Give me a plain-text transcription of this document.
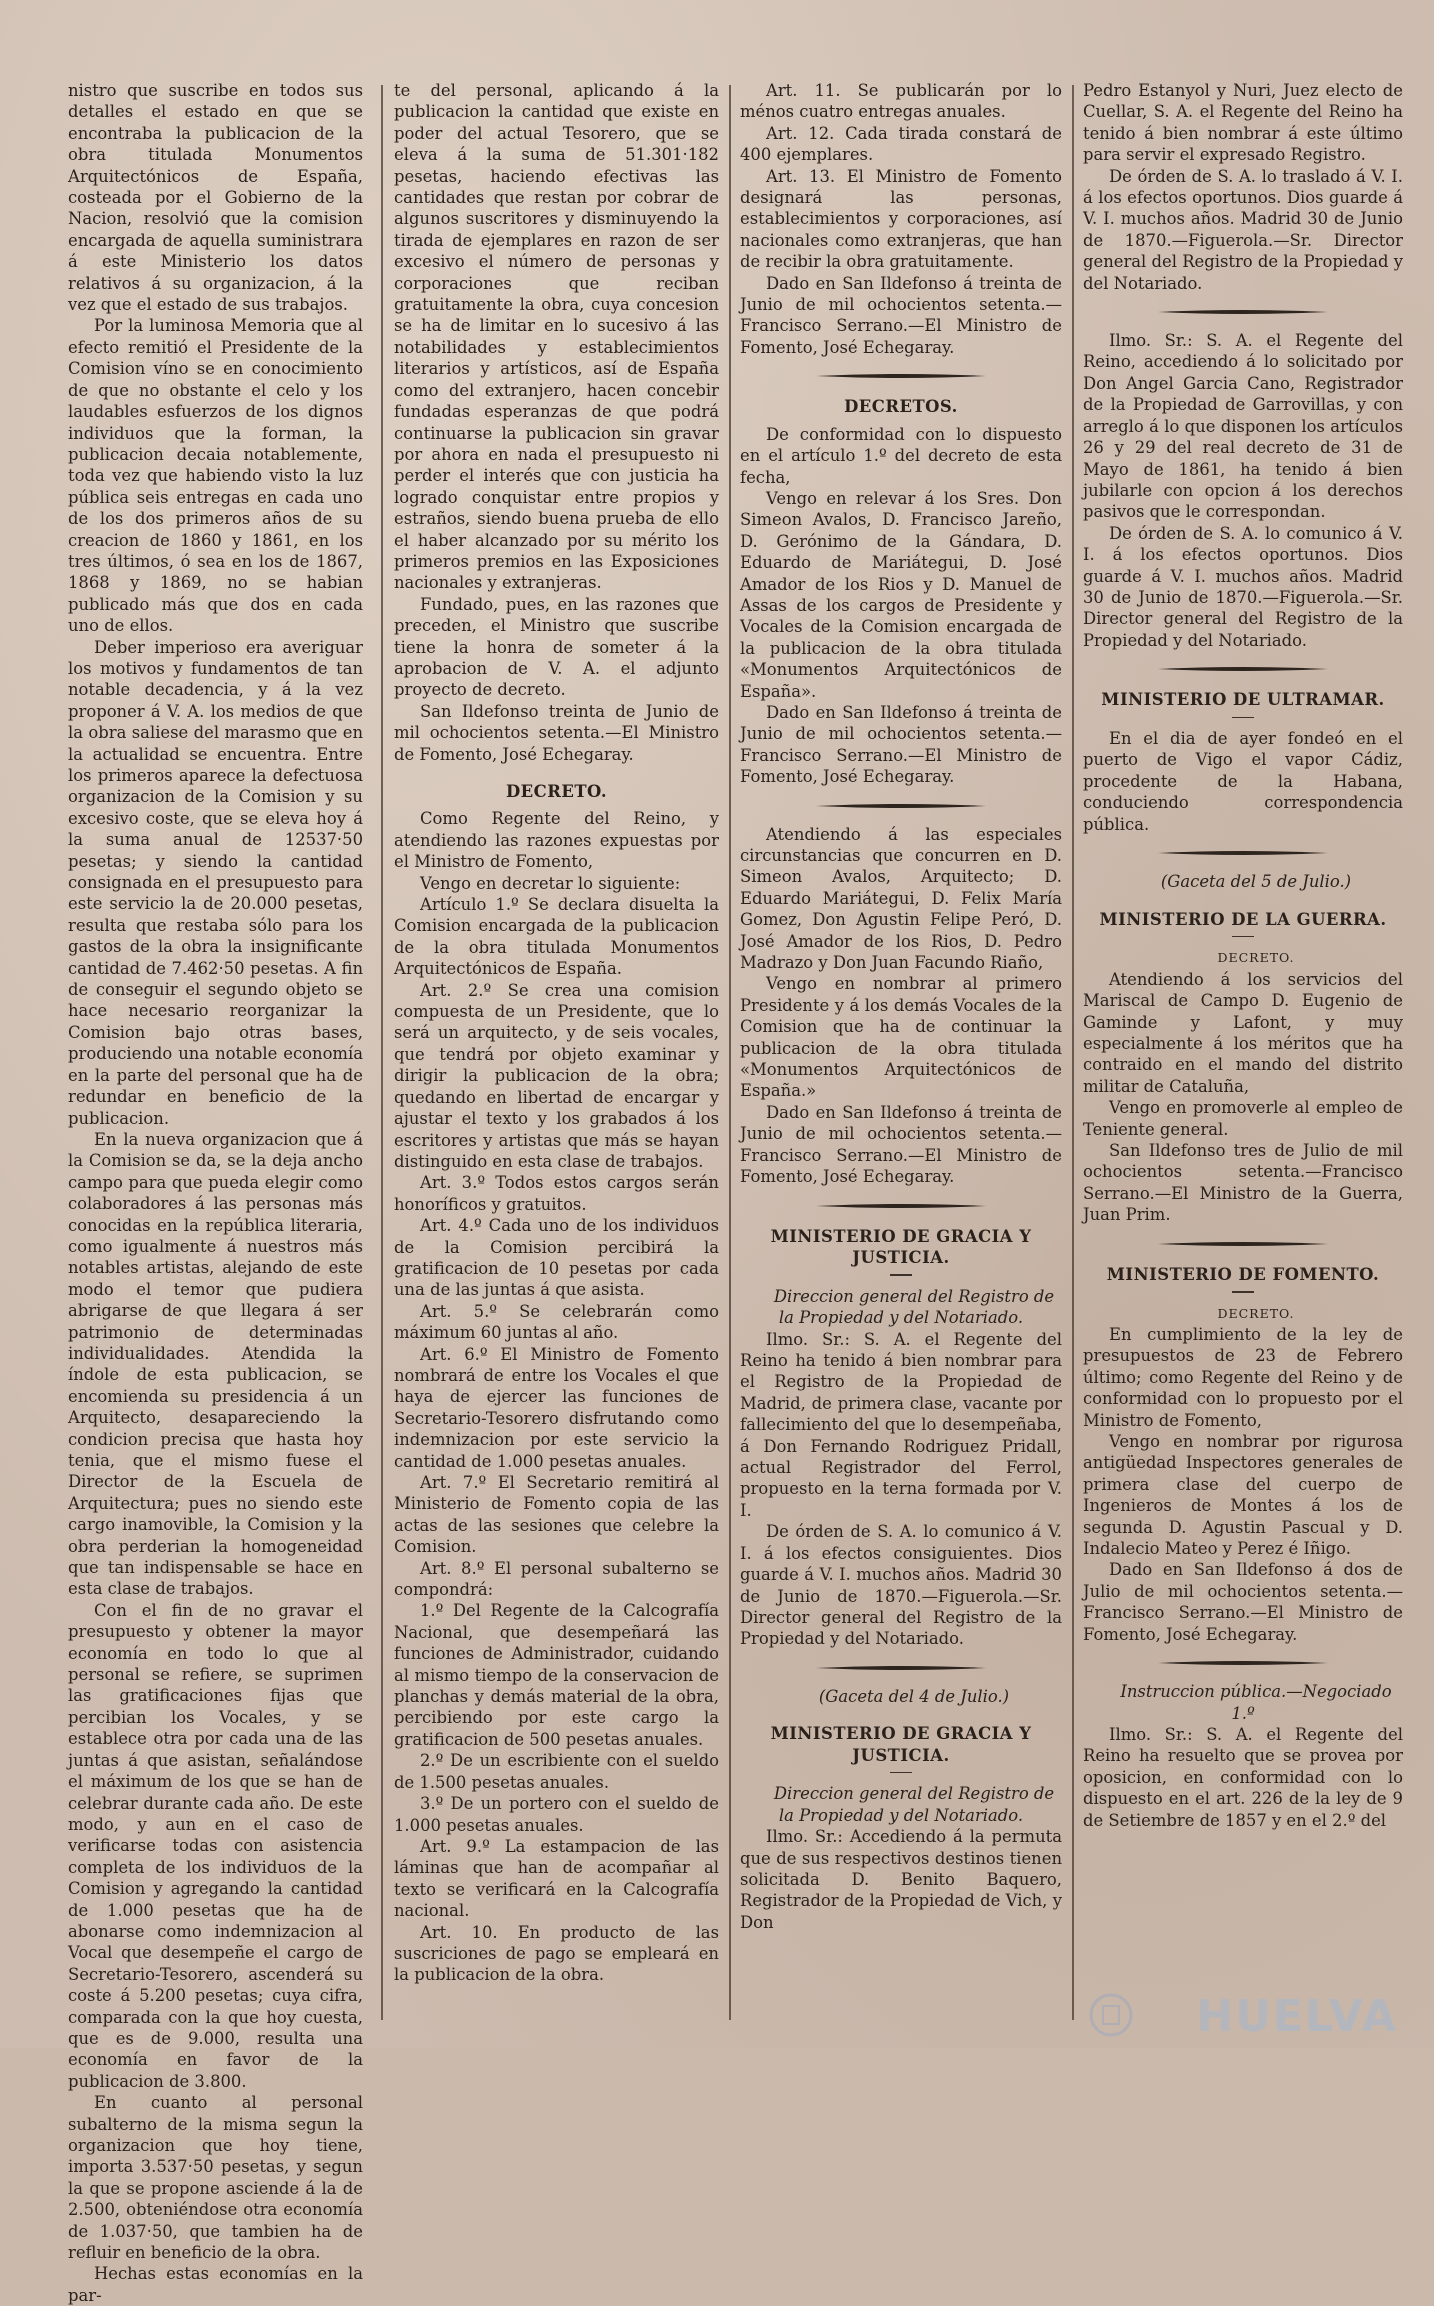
nistro que suscribe en todos sus detalles el estado en que se encontraba la publicacion de la obra titulada Monumentos Arquitectónicos de España, costeada por el Gobierno de la Nacion, resolvió que la comision encargada de aquella suministrara á este Ministerio los datos relativos á su organizacion, á la vez que el estado de sus trabajos.

Por la luminosa Memoria que al efecto remitió el Presidente de la Comision víno se en conocimiento de que no obstante el celo y los laudables esfuerzos de los dignos individuos que la forman, la publicacion decaia notablemente, toda vez que habiendo visto la luz pública seis entregas en cada uno de los dos primeros años de su creacion de 1860 y 1861, en los tres últimos, ó sea en los de 1867, 1868 y 1869, no se habian publicado más que dos en cada uno de ellos.

Deber imperioso era averiguar los motivos y fundamentos de tan notable decadencia, y á la vez proponer á V. A. los medios de que la obra saliese del marasmo que en la actualidad se encuentra. Entre los primeros aparece la defectuosa organizacion de la Comision y su excesivo coste, que se eleva hoy á la suma anual de 12537·50 pesetas; y siendo la cantidad consignada en el presupuesto para este servicio la de 20.000 pesetas, resulta que restaba sólo para los gastos de la obra la insignificante cantidad de 7.462·50 pesetas. A fin de conseguir el segundo objeto se hace necesario reorganizar la Comision bajo otras bases, produciendo una notable economía en la parte del personal que ha de redundar en beneficio de la publicacion.

En la nueva organizacion que á la Comision se da, se la deja ancho campo para que pueda elegir como colaboradores á las personas más conocidas en la república literaria, como igualmente á nuestros más notables artistas, alejando de este modo el temor que pudiera abrigarse de que llegara á ser patrimonio de determinadas individualidades. Atendida la índole de esta publicacion, se encomienda su presidencia á un Arquitecto, desapareciendo la condicion precisa que hasta hoy tenia, que el mismo fuese el Director de la Escuela de Arquitectura; pues no siendo este cargo inamovible, la Comision y la obra perderian la homogeneidad que tan indispensable se hace en esta clase de trabajos.

Con el fin de no gravar el presupuesto y obtener la mayor economía en todo lo que al personal se refiere, se suprimen las gratificaciones fijas que percibian los Vocales, y se establece otra por cada una de las juntas á que asistan, señalándose el máximum de los que se han de celebrar durante cada año. De este modo, y aun en el caso de verificarse todas con asistencia completa de los individuos de la Comision y agregando la cantidad de 1.000 pesetas que ha de abonarse como indemnizacion al Vocal que desempeñe el cargo de Secretario-Tesorero, ascenderá su coste á 5.200 pesetas; cuya cifra, comparada con la que hoy cuesta, que es de 9.000, resulta una economía en favor de la publicacion de 3.800.

En cuanto al personal subalterno de la misma segun la organizacion que hoy tiene, importa 3.537·50 pesetas, y segun la que se propone asciende á la de 2.500, obteniéndose otra economía de 1.037·50, que tambien ha de refluir en beneficio de la obra.

Hechas estas economías en la par-

te del personal, aplicando á la publicacion la cantidad que existe en poder del actual Tesorero, que se eleva á la suma de 51.301·182 pesetas, haciendo efectivas las cantidades que restan por cobrar de algunos suscritores y disminuyendo la tirada de ejemplares en razon de ser excesivo el número de personas y corporaciones que reciban gratuitamente la obra, cuya concesion se ha de limitar en lo sucesivo á las notabilidades y establecimientos literarios y artísticos, así de España como del extranjero, hacen concebir fundadas esperanzas de que podrá continuarse la publicacion sin gravar por ahora en nada el presupuesto ni perder el interés que con justicia ha logrado conquistar entre propios y estraños, siendo buena prueba de ello el haber alcanzado por su mérito los primeros premios en las Exposiciones nacionales y extranjeras.

Fundado, pues, en las razones que preceden, el Ministro que suscribe tiene la honra de someter á la aprobacion de V. A. el adjunto proyecto de decreto.

San Ildefonso treinta de Junio de mil ochocientos setenta.—El Ministro de Fomento, José Echegaray.

DECRETO.

Como Regente del Reino, y atendiendo las razones expuestas por el Ministro de Fomento,

Vengo en decretar lo siguiente:

Artículo 1.º Se declara disuelta la Comision encargada de la publicacion de la obra titulada Monumentos Arquitectónicos de España.

Art. 2.º Se crea una comision compuesta de un Presidente, que lo será un arquitecto, y de seis vocales, que tendrá por objeto examinar y dirigir la publicacion de la obra; quedando en libertad de encargar y ajustar el texto y los grabados á los escritores y artistas que más se hayan distinguido en esta clase de trabajos.

Art. 3.º Todos estos cargos serán honoríficos y gratuitos.

Art. 4.º Cada uno de los individuos de la Comision percibirá la gratificacion de 10 pesetas por cada una de las juntas á que asista.

Art. 5.º Se celebrarán como máximum 60 juntas al año.

Art. 6.º El Ministro de Fomento nombrará de entre los Vocales el que haya de ejercer las funciones de Secretario-Tesorero disfrutando como indemnizacion por este servicio la cantidad de 1.000 pesetas anuales.

Art. 7.º El Secretario remitirá al Ministerio de Fomento copia de las actas de las sesiones que celebre la Comision.

Art. 8.º El personal subalterno se compondrá:

1.º Del Regente de la Calcografía Nacional, que desempeñará las funciones de Administrador, cuidando al mismo tiempo de la conservacion de planchas y demás material de la obra, percibiendo por este cargo la gratificacion de 500 pesetas anuales.

2.º De un escribiente con el sueldo de 1.500 pesetas anuales.

3.º De un portero con el sueldo de 1.000 pesetas anuales.

Art. 9.º La estampacion de las láminas que han de acompañar al texto se verificará en la Calcografía nacional.

Art. 10. En producto de las suscriciones de pago se empleará en la publicacion de la obra.

Art. 11. Se publicarán por lo ménos cuatro entregas anuales.

Art. 12. Cada tirada constará de 400 ejemplares.

Art. 13. El Ministro de Fomento designará las personas, establecimientos y corporaciones, así nacionales como extranjeras, que han de recibir la obra gratuitamente.

Dado en San Ildefonso á treinta de Junio de mil ochocientos setenta.—Francisco Serrano.—El Ministro de Fomento, José Echegaray.

DECRETOS.

De conformidad con lo dispuesto en el artículo 1.º del decreto de esta fecha,

Vengo en relevar á los Sres. Don Simeon Avalos, D. Francisco Jareño, D. Gerónimo de la Gándara, D. Eduardo de Mariátegui, D. José Amador de los Rios y D. Manuel de Assas de los cargos de Presidente y Vocales de la Comision encargada de la publicacion de la obra titulada «Monumentos Arquitectónicos de España».

Dado en San Ildefonso á treinta de Junio de mil ochocientos setenta.—Francisco Serrano.—El Ministro de Fomento, José Echegaray.

Atendiendo á las especiales circunstancias que concurren en D. Simeon Avalos, Arquitecto; D. Eduardo Mariátegui, D. Felix María Gomez, Don Agustin Felipe Peró, D. José Amador de los Rios, D. Pedro Madrazo y Don Juan Facundo Riaño,

Vengo en nombrar al primero Presidente y á los demás Vocales de la Comision que ha de continuar la publicacion de la obra titulada «Monumentos Arquitectónicos de España.»

Dado en San Ildefonso á treinta de Junio de mil ochocientos setenta.—Francisco Serrano.—El Ministro de Fomento, José Echegaray.

MINISTERIO DE GRACIA Y JUSTICIA.

Direccion general del Registro de la Propiedad y del Notariado.

Ilmo. Sr.: S. A. el Regente del Reino ha tenido á bien nombrar para el Registro de la Propiedad de Madrid, de primera clase, vacante por fallecimiento del que lo desempeñaba, á Don Fernando Rodriguez Pridall, actual Registrador del Ferrol, propuesto en la terna formada por V. I.

De órden de S. A. lo comunico á V. I. á los efectos consiguientes. Dios guarde á V. I. muchos años. Madrid 30 de Junio de 1870.—Figuerola.—Sr. Director general del Registro de la Propiedad y del Notariado.

(Gaceta del 4 de Julio.)

MINISTERIO DE GRACIA Y JUSTICIA.

Direccion general del Registro de la Propiedad y del Notariado.

Ilmo. Sr.: Accediendo á la permuta que de sus respectivos destinos tienen solicitada D. Benito Baquero, Registrador de la Propiedad de Vich, y Don

Pedro Estanyol y Nuri, Juez electo de Cuellar, S. A. el Regente del Reino ha tenido á bien nombrar á este último para servir el expresado Registro.

De órden de S. A. lo traslado á V. I. á los efectos oportunos. Dios guarde á V. I. muchos años. Madrid 30 de Junio de 1870.—Figuerola.—Sr. Director general del Registro de la Propiedad y del Notariado.

Ilmo. Sr.: S. A. el Regente del Reino, accediendo á lo solicitado por Don Angel Garcia Cano, Registrador de la Propiedad de Garrovillas, y con arreglo á lo que disponen los artículos 26 y 29 del real decreto de 31 de Mayo de 1861, ha tenido á bien jubilarle con opcion á los derechos pasivos que le correspondan.

De órden de S. A. lo comunico á V. I. á los efectos oportunos. Dios guarde á V. I. muchos años. Madrid 30 de Junio de 1870.—Figuerola.—Sr. Director general del Registro de la Propiedad y del Notariado.

MINISTERIO DE ULTRAMAR.

En el dia de ayer fondeó en el puerto de Vigo el vapor Cádiz, procedente de la Habana, conduciendo correspondencia pública.

(Gaceta del 5 de Julio.)

MINISTERIO DE LA GUERRA.

DECRETO.

Atendiendo á los servicios del Mariscal de Campo D. Eugenio de Gaminde y Lafont, y muy especialmente á los méritos que ha contraido en el mando del distrito militar de Cataluña,

Vengo en promoverle al empleo de Teniente general.

San Ildefonso tres de Julio de mil ochocientos setenta.—Francisco Serrano.—El Ministro de la Guerra, Juan Prim.

MINISTERIO DE FOMENTO.

DECRETO.

En cumplimiento de la ley de presupuestos de 23 de Febrero último; como Regente del Reino y de conformidad con lo propuesto por el Ministro de Fomento,

Vengo en nombrar por rigurosa antigüedad Inspectores generales de primera clase del cuerpo de Ingenieros de Montes á los de segunda D. Agustin Pascual y D. Indalecio Mateo y Perez é Iñigo.

Dado en San Ildefonso á dos de Julio de mil ochocientos setenta.—Francisco Serrano.—El Ministro de Fomento, José Echegaray.

Instruccion pública.—Negociado 1.º

Ilmo. Sr.: S. A. el Regente del Reino ha resuelto que se provea por oposicion, en conformidad con lo dispuesto en el art. 226 de la ley de 9 de Setiembre de 1857 y en el 2.º del

HUELVA
